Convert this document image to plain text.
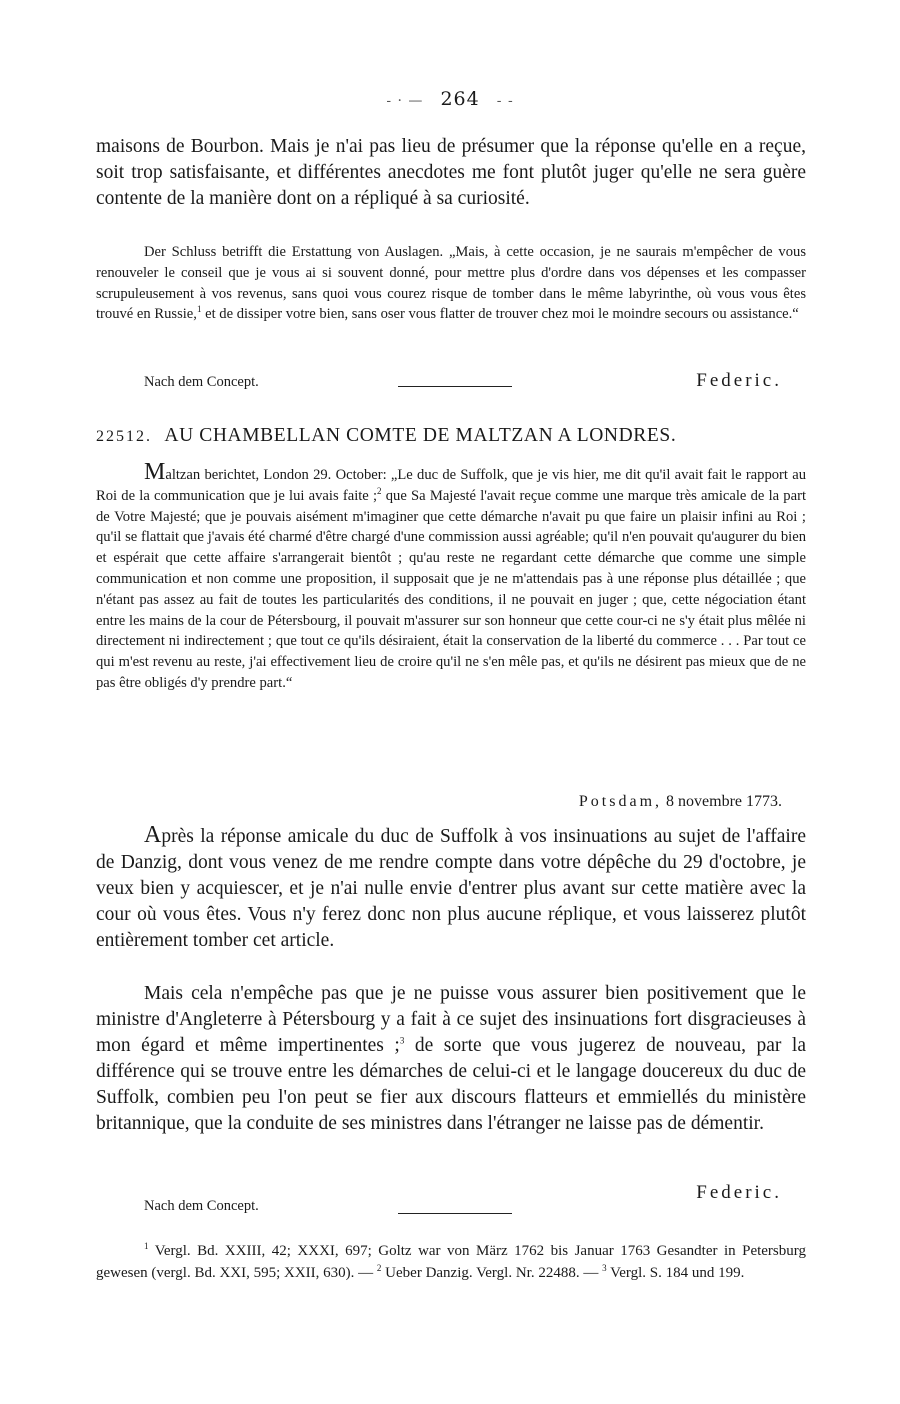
- · — 264 - -
maisons de Bourbon. Mais je n'ai pas lieu de présumer que la réponse qu'elle en a reçue, soit trop satisfaisante, et différentes anecdotes me font plutôt juger qu'elle ne sera guère contente de la manière dont on a répliqué à sa curiosité.
Der Schluss betrifft die Erstattung von Auslagen. „Mais, à cette occasion, je ne saurais m'empêcher de vous renouveler le conseil que je vous ai si souvent donné, pour mettre plus d'ordre dans vos dépenses et les compasser scrupuleusement à vos revenus, sans quoi vous courez risque de tomber dans le même labyrinthe, où vous vous êtes trouvé en Russie,$^1$ et de dissiper votre bien, sans oser vous flatter de trouver chez moi le moindre secours ou assistance.“
Nach dem Concept.	Federic.
22512. AU CHAMBELLAN COMTE DE MALTZAN A LONDRES.
Maltzan berichtet, London 29. October: „Le duc de Suffolk, que je vis hier, me dit qu'il avait fait le rapport au Roi de la communication que je lui avais faite ;$^2$ que Sa Majesté l'avait reçue comme une marque très amicale de la part de Votre Majesté; que je pouvais aisément m'imaginer que cette démarche n'avait pu que faire un plaisir infini au Roi ; qu'il se flattait que j'avais été charmé d'être chargé d'une commission aussi agréable; qu'il n'en pouvait qu'augurer du bien et espérait que cette affaire s'arrangerait bientôt ; qu'au reste ne regardant cette démarche que comme une simple communication et non comme une proposition, il supposait que je ne m'attendais pas à une réponse plus détaillée ; que n'étant pas assez au fait de toutes les particularités des conditions, il ne pouvait en juger ; que, cette négociation étant entre les mains de la cour de Pétersbourg, il pouvait m'assurer sur son honneur que cette cour-ci ne s'y était plus mêlée ni directement ni indirectement ; que tout ce qu'ils désiraient, était la conservation de la liberté du commerce . . . Par tout ce qui m'est revenu au reste, j'ai effectivement lieu de croire qu'il ne s'en mêle pas, et qu'ils ne désirent pas mieux que de ne pas être obligés d'y prendre part.“
Potsdam, 8 novembre 1773.
Après la réponse amicale du duc de Suffolk à vos insinuations au sujet de l'affaire de Danzig, dont vous venez de me rendre compte dans votre dépêche du 29 d'octobre, je veux bien y acquiescer, et je n'ai nulle envie d'entrer plus avant sur cette matière avec la cour où vous êtes. Vous n'y ferez donc non plus aucune réplique, et vous laisserez plutôt entièrement tomber cet article.
Mais cela n'empêche pas que je ne puisse vous assurer bien positivement que le ministre d'Angleterre à Pétersbourg y a fait à ce sujet des insinuations fort disgracieuses à mon égard et même impertinentes ;$^3$ de sorte que vous jugerez de nouveau, par la différence qui se trouve entre les démarches de celui-ci et le langage doucereux du duc de Suffolk, combien peu l'on peut se fier aux discours flatteurs et emmiellés du ministère britannique, que la conduite de ses ministres dans l'étranger ne laisse pas de démentir.
Nach dem Concept.
Federic.
$^1$ Vergl. Bd. XXIII, 42; XXXI, 697; Goltz war von März 1762 bis Januar 1763 Gesandter in Petersburg gewesen (vergl. Bd. XXI, 595; XXII, 630). — $^2$ Ueber Danzig. Vergl. Nr. 22488. — $^3$ Vergl. S. 184 und 199.
